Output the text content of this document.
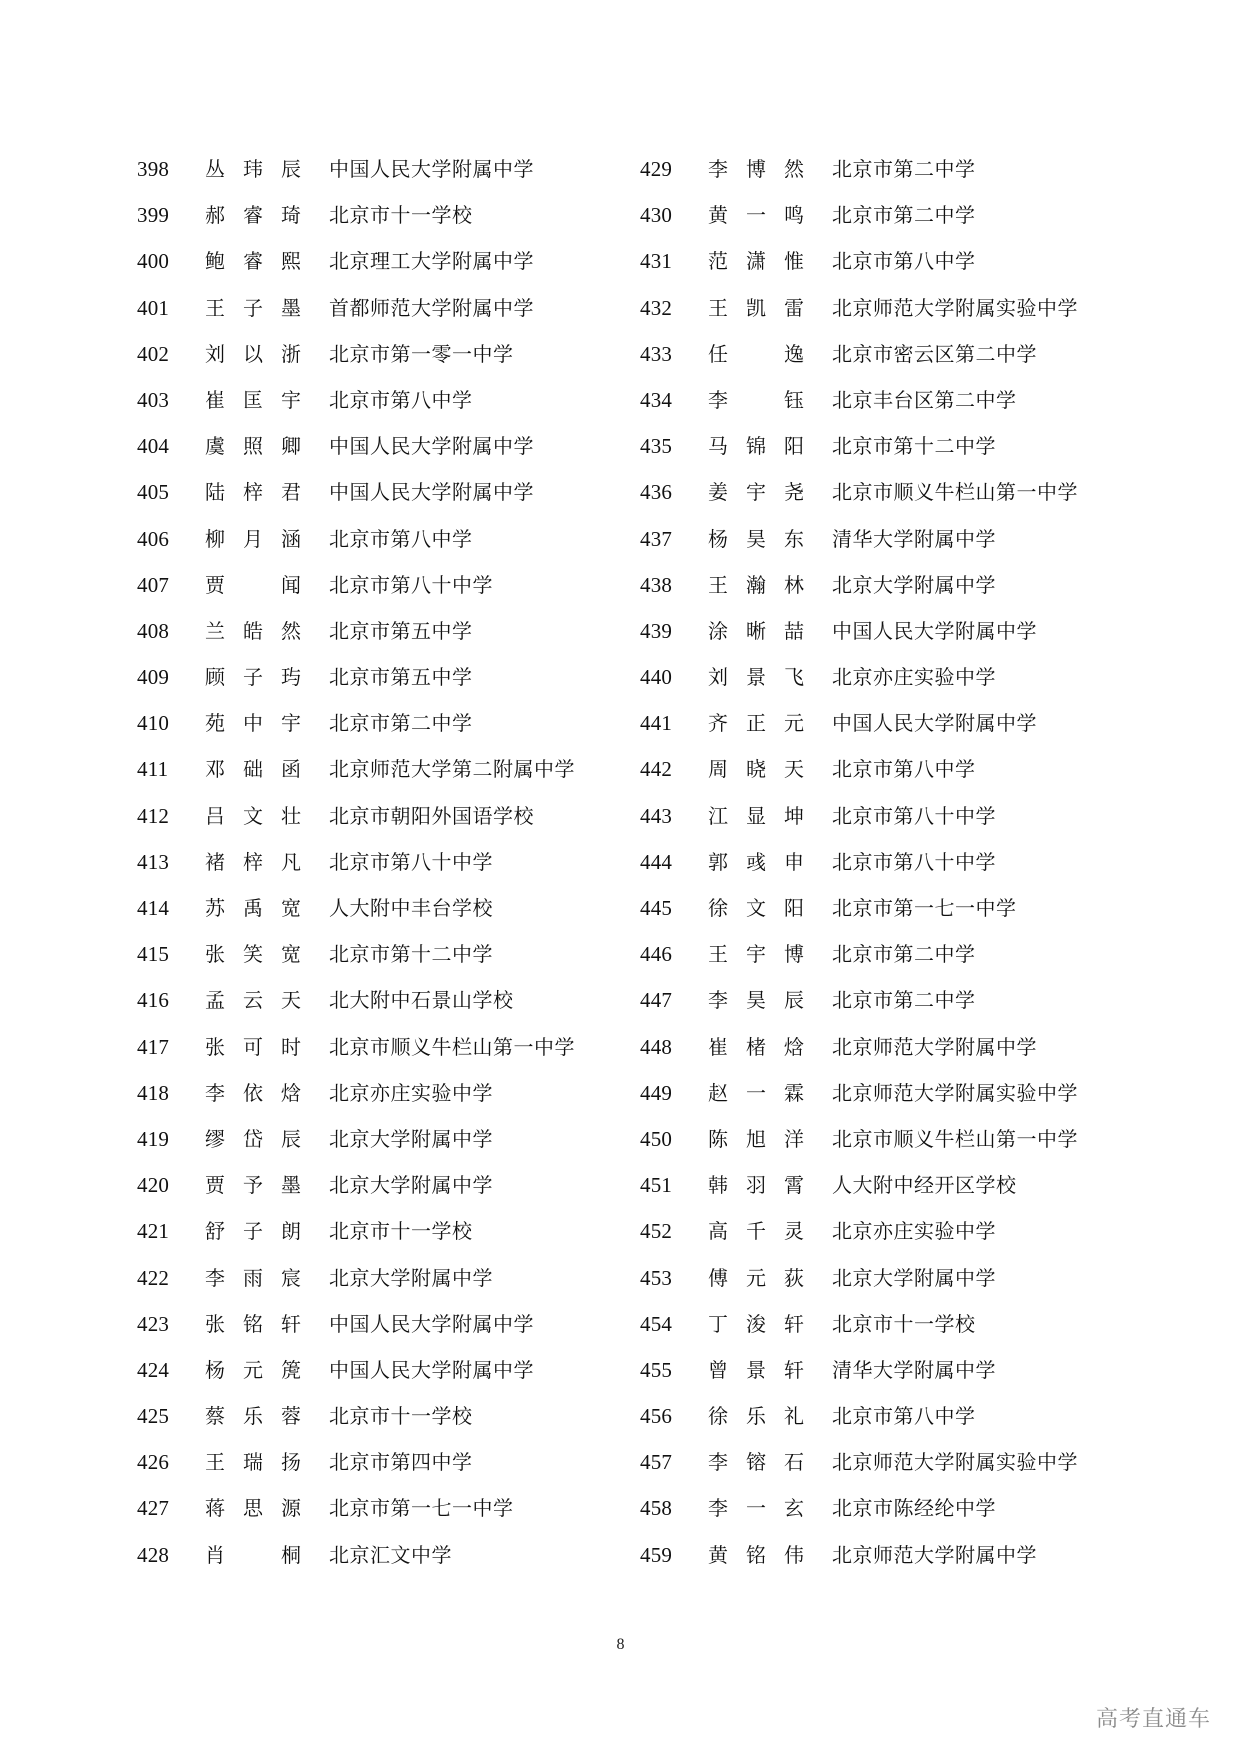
398	丛玮辰 中国人民大学附属中学
399	郝睿琦 北京市十一学校
400	鲍睿熙 北京理工大学附属中学
401	王子墨 首都师范大学附属中学
402	刘以浙 北京市第一零一中学
403	崔匡宇 北京市第八中学
404	虞照卿 中国人民大学附属中学
405	陆梓君 中国人民大学附属中学
406	柳月涵 北京市第八中学
407	贾闻 北京市第八十中学
408	兰皓然 北京市第五中学
409	顾子玙 北京市第五中学
410	苑中宇 北京市第二中学
411	邓础函 北京师范大学第二附属中学
412	吕文壮 北京市朝阳外国语学校
413	褚梓凡 北京市第八十中学
414	苏禹宽 人大附中丰台学校
415	张笑宽 北京市第十二中学
416	孟云天 北大附中石景山学校
417	张可时 北京市顺义牛栏山第一中学
418	李依焓 北京亦庄实验中学
419	缪岱辰 北京大学附属中学
420	贾予墨 北京大学附属中学
421	舒子朗 北京市十一学校
422	李雨宸 北京大学附属中学
423	张铭轩 中国人民大学附属中学
424	杨元箎 中国人民大学附属中学
425	蔡乐蓉 北京市十一学校
426	王瑞扬 北京市第四中学
427	蒋思源 北京市第一七一中学
428	肖桐 北京汇文中学
429	李博然 北京市第二中学
430	黄一鸣 北京市第二中学
431	范潇惟 北京市第八中学
432	王凯雷 北京师范大学附属实验中学
433	任逸 北京市密云区第二中学
434	李钰 北京丰台区第二中学
435	马锦阳 北京市第十二中学
436	姜宇尧 北京市顺义牛栏山第一中学
437	杨昊东 清华大学附属中学
438	王瀚林 北京大学附属中学
439	涂晰喆 中国人民大学附属中学
440	刘景飞 北京亦庄实验中学
441	齐正元 中国人民大学附属中学
442	周晓天 北京市第八中学
443	江显坤 北京市第八十中学
444	郭彧申 北京市第八十中学
445	徐文阳 北京市第一七一中学
446	王宇博 北京市第二中学
447	李昊辰 北京市第二中学
448	崔楮焓 北京师范大学附属中学
449	赵一霖 北京师范大学附属实验中学
450	陈旭洋 北京市顺义牛栏山第一中学
451	韩羽霄 人大附中经开区学校
452	高千灵 北京亦庄实验中学
453	傅元荻 北京大学附属中学
454	丁浚轩 北京市十一学校
455	曾景轩 清华大学附属中学
456	徐乐礼 北京市第八中学
457	李镕石 北京师范大学附属实验中学
458	李一玄 北京市陈经纶中学
459	黄铭伟 北京师范大学附属中学
8
高考直通车
